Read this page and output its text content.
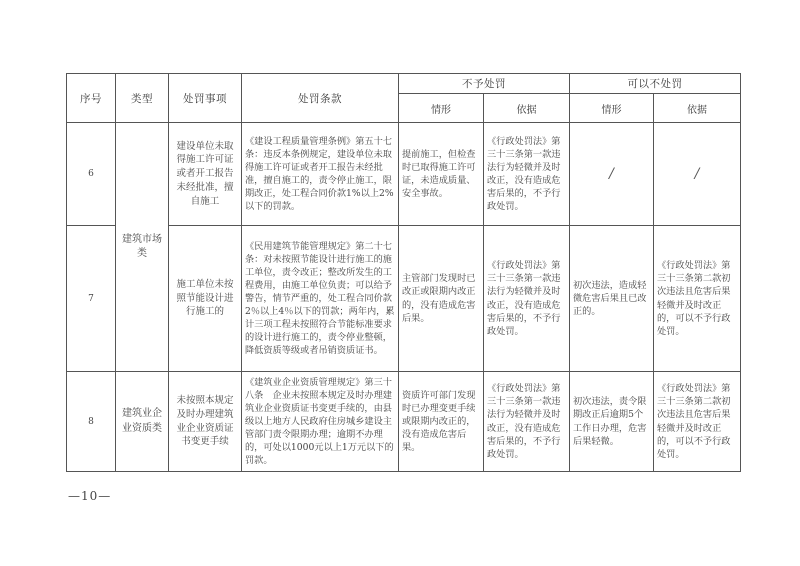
序号	类型	处罚事项	处罚条款	不予处罚		可以不处罚	
				情形	依据	情形	依据
6	建筑市场类	建设单位未取得施工许可证或者开工报告未经批准，擅自施工	《建设工程质量管理条例》第五十七条：违反本条例规定，建设单位未取得施工许可证或者开工报告未经批准，擅自施工的，责令停止施工，限期改正，处工程合同价款1%以上2%以下的罚款。	提前施工，但检查时已取得施工许可证，未造成质量、安全事故。	《行政处罚法》第三十三条第一款违法行为轻微并及时改正，没有造成危害后果的，不予行政处罚。	/	/
7		施工单位未按照节能设计进行施工的	《民用建筑节能管理规定》第二十七条：对未按照节能设计进行施工的施工单位，责令改正；整改所发生的工程费用，由施工单位负责；可以给予警告，情节严重的，处工程合同价款2％以上4％以下的罚款；两年内，累计三项工程未按照符合节能标准要求的设计进行施工的，责令停业整顿，降低资质等级或者吊销资质证书。	主管部门发现时已改正或限期内改正的，没有造成危害后果。	《行政处罚法》第三十三条第一款违法行为轻微并及时改正，没有造成危害后果的，不予行政处罚。	初次违法，造成轻微危害后果且已改正的。	《行政处罚法》第三十三条第二款初次违法且危害后果轻微并及时改正的，可以不予行政处罚。
8	建筑业企业资质类	未按照本规定及时办理建筑业企业资质证书变更手续	《建筑业企业资质管理规定》第三十八条　企业未按照本规定及时办理建筑业企业资质证书变更手续的，由县级以上地方人民政府住房城乡建设主管部门责令限期办理；逾期不办理的，可处以1000元以上1万元以下的罚款。	资质许可部门发现时已办理变更手续或限期内改正的，没有造成危害后果。	《行政处罚法》第三十三条第一款违法行为轻微并及时改正，没有造成危害后果的，不予行政处罚。	初次违法，责令限期改正后逾期5个工作日办理，危害后果轻微。	《行政处罚法》第三十三条第二款初次违法且危害后果轻微并及时改正的，可以不予行政处罚。
—10—
